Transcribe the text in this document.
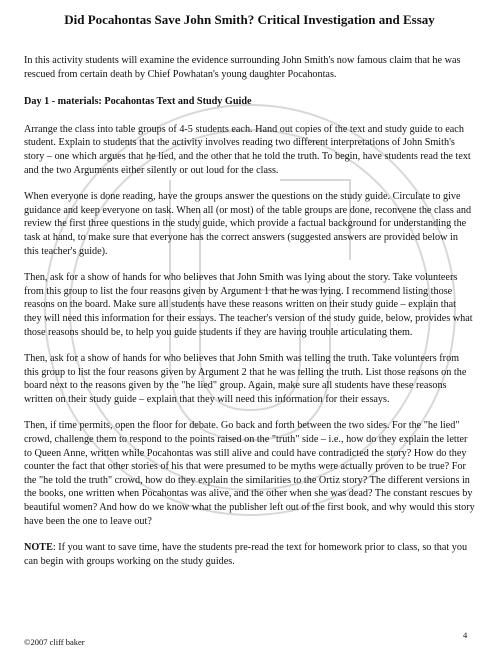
Did Pocahontas Save John Smith? Critical Investigation and Essay

In this activity students will examine the evidence surrounding John Smith's now famous claim that he was rescued from certain death by Chief Powhatan's young daughter Pocahontas.

Day 1 - materials: Pocahontas Text and Study Guide

Arrange the class into table groups of 4-5 students each. Hand out copies of the text and study guide to each student. Explain to students that the activity involves reading two different interpretations of John Smith's story – one which argues that he lied, and the other that he told the truth. To begin, have students read the text and the two Arguments either silently or out loud for the class.

When everyone is done reading, have the groups answer the questions on the study guide. Circulate to give guidance and keep everyone on task. When all (or most) of the table groups are done, reconvene the class and review the first three questions in the study guide, which provide a factual background for understanding the task at hand, to make sure that everyone has the correct answers (suggested answers are provided below in this teacher's guide).

Then, ask for a show of hands for who believes that John Smith was lying about the story. Take volunteers from this group to list the four reasons given by Argument 1 that he was lying. I recommend listing those reasons on the board. Make sure all students have these reasons written on their study guide – explain that they will need this information for their essays. The teacher's version of the study guide, below, provides what those reasons should be, to help you guide students if they are having trouble articulating them.

Then, ask for a show of hands for who believes that John Smith was telling the truth. Take volunteers from this group to list the four reasons given by Argument 2 that he was telling the truth. List those reasons on the board next to the reasons given by the "he lied" group. Again, make sure all students have these reasons written on their study guide – explain that they will need this information for their essays.

Then, if time permits, open the floor for debate. Go back and forth between the two sides. For the "he lied" crowd, challenge them to respond to the points raised on the "truth" side – i.e., how do they explain the letter to Queen Anne, written while Pocahontas was still alive and could have contradicted the story? How do they counter the fact that other stories of his that were presumed to be myths were actually proven to be true? For the "he told the truth" crowd, how do they explain the similarities to the Ortiz story? The different versions in the books, one written when Pocahontas was alive, and the other when she was dead? The constant rescues by beautiful women? And how do we know what the publisher left out of the first book, and why would this story have been the one to leave out?

NOTE: If you want to save time, have the students pre-read the text for homework prior to class, so that you can begin with groups working on the study guides.

4
©2007 cliff baker
